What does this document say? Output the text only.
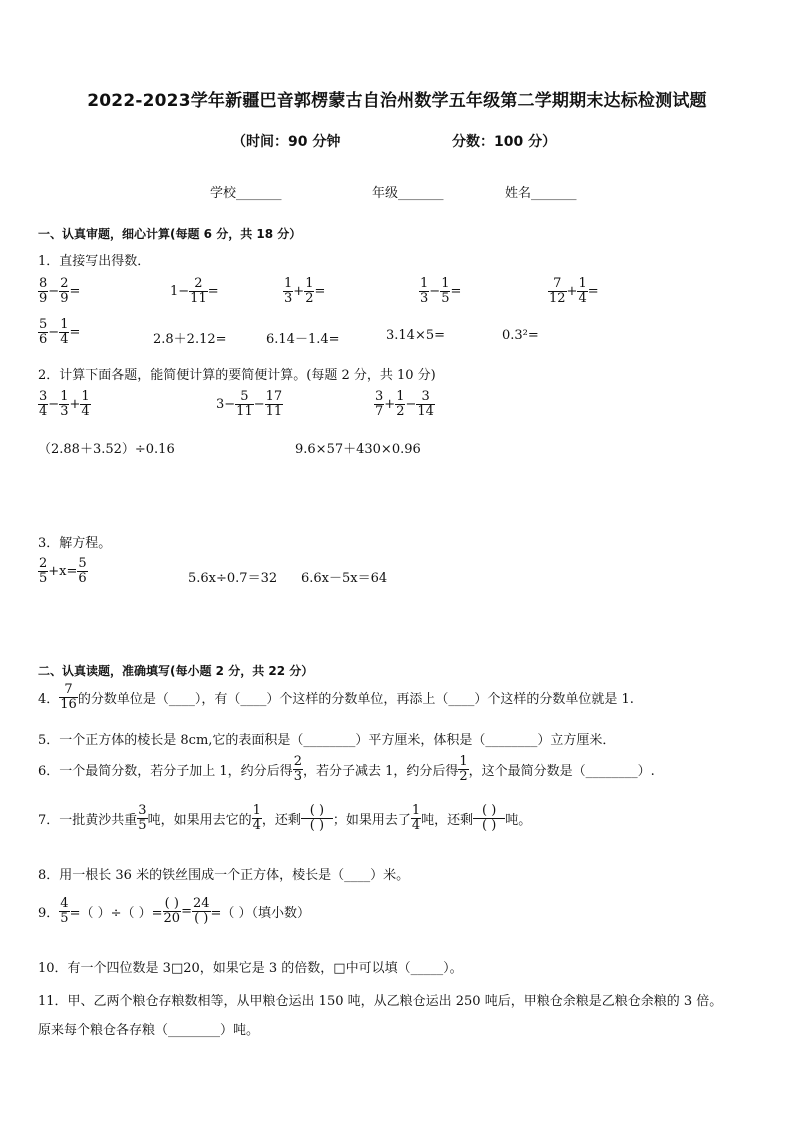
2022-2023学年新疆巴音郭楞蒙古自治州数学五年级第二学期期末达标检测试题
（时间：90 分钟	分数：100 分）
学校_______	年级_______	姓名_______
一、认真审题，细心计算(每题 6 分，共 18 分）
1．直接写出得数．
$\frac{8}{9} - \frac{2}{9}$ =	$1- \frac{2}{11}$ =	$\frac{1}{3} + \frac{1}{2}$ =	$\frac{1}{3} - \frac{1}{5}$ =	$\frac{7}{12} + \frac{1}{4}$ =
$\frac{5}{6} - \frac{1}{4}$ =	2.8＋2.12=	6.14－1.4=	3.14×5=	0.3²=
2．计算下面各题，能简便计算的要简便计算。(每题 2 分，共 10 分)
$\frac{3}{4} - \frac{1}{3} + \frac{1}{4}$	$3- \frac{5}{11} - \frac{17}{11}$	$\frac{3}{7} + \frac{1}{2} - \frac{3}{14}$
（2.88＋3.52）÷0.16	9.6×57＋430×0.96
3．解方程。
$\frac{2}{5} +x= \frac{5}{6}$	5.6x÷0.7＝32 6.6x－5x＝64
二、认真读题，准确填写(每小题 2 分，共 22 分）
4． $\frac{7}{16}$ 的分数单位是（____），有（____）个这样的分数单位，再添上（____）个这样的分数单位就是 1.
5．一个正方体的棱长是 8cm,它的表面积是（________）平方厘米，体积是（________）立方厘米．
6．一个最简分数，若分子加上 1，约分后得 $\frac{2}{3}$ ，若分子减去 1，约分后得 $\frac{1}{2}$ ，这个最简分数是（________）.
7．一批黄沙共重 $\frac{3}{5}$ 吨，如果用去它的 $\frac{1}{4}$ ，还剩 $\frac{( )}{( )}$ ；如果用去了 $\frac{1}{4}$ 吨，还剩 $\frac{( )}{( )}$ 吨。
8．用一根长 36 米的铁丝围成一个正方体，棱长是（____）米。
9． $\frac{4}{5}$ =（ ）÷（ ）= $\frac{( )}{20} = \frac{24}{( )}$ =（ ）（填小数）
10．有一个四位数是 3□20，如果它是 3 的倍数，□中可以填（_____）。
11．甲、乙两个粮仓存粮数相等，从甲粮仓运出 150 吨，从乙粮仓运出 250 吨后，甲粮仓余粮是乙粮仓余粮的 3 倍。
原来每个粮仓各存粮（________）吨。
